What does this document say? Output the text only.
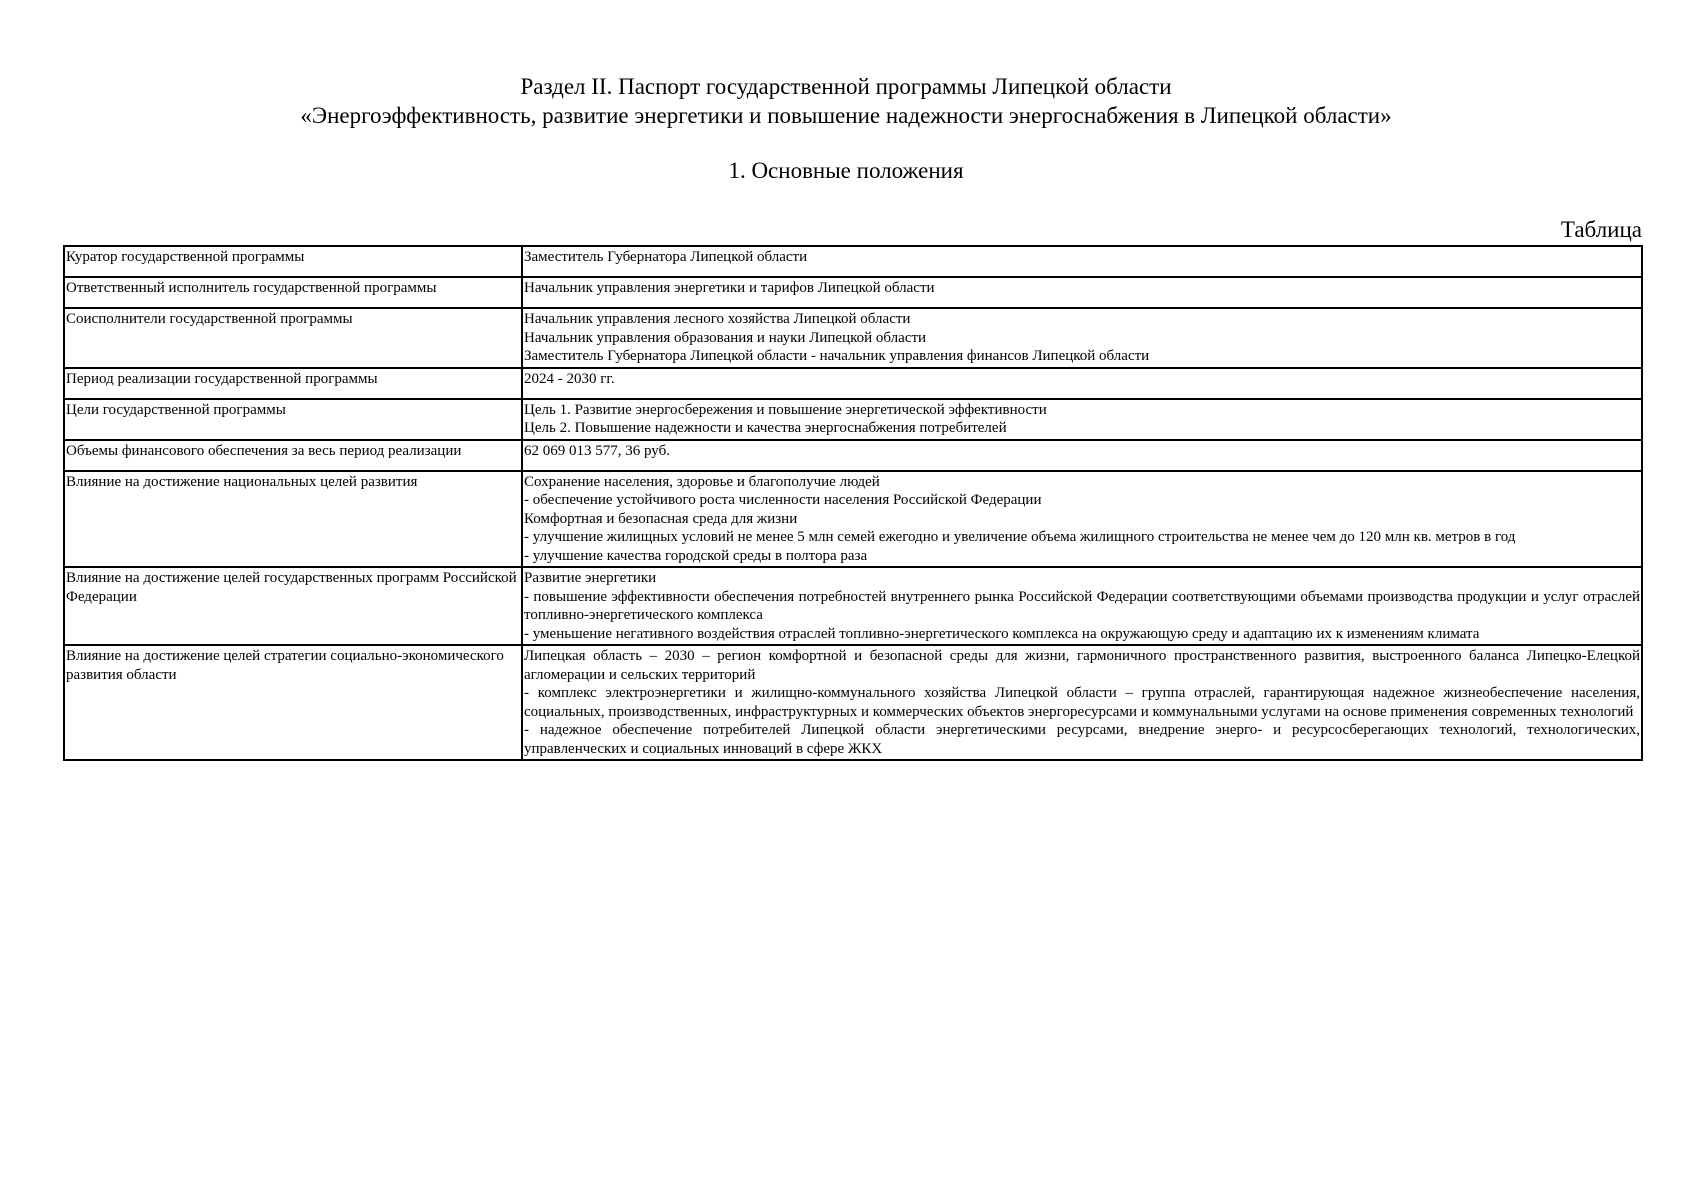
Раздел II. Паспорт государственной программы Липецкой области
«Энергоэффективность, развитие энергетики и повышение надежности энергоснабжения в Липецкой области»
1. Основные положения
Таблица
Куратор государственной программы	Заместитель Губернатора Липецкой области

Ответственный исполнитель государственной программы	Начальник управления энергетики и тарифов Липецкой области

Соисполнители государственной программы	Начальник управления лесного хозяйства Липецкой области
Начальник управления образования и науки Липецкой области
Заместитель Губернатора Липецкой области - начальник управления финансов Липецкой области

Период реализации государственной программы	2024 - 2030 гг.

Цели государственной программы	Цель 1. Развитие энергосбережения и повышение энергетической эффективности
Цель 2. Повышение надежности и качества энергоснабжения потребителей

Объемы финансового обеспечения за весь период реализации	62 069 013 577, 36 руб.

Влияние на достижение национальных целей развития	Сохранение населения, здоровье и благополучие людей
- обеспечение устойчивого роста численности населения Российской Федерации
Комфортная и безопасная среда для жизни
- улучшение жилищных условий не менее 5 млн семей ежегодно и увеличение объема жилищного строительства не менее чем до 120 млн кв. метров в год
- улучшение качества городской среды в полтора раза

Влияние на достижение целей государственных программ Российской Федерации	Развитие энергетики
- повышение эффективности обеспечения потребностей внутреннего рынка Российской Федерации соответствующими объемами производства продукции и услуг отраслей топливно-энергетического комплекса
- уменьшение негативного воздействия отраслей топливно-энергетического комплекса на окружающую среду и адаптацию их к изменениям климата

Влияние на достижение целей стратегии социально-экономического развития области	Липецкая область – 2030 – регион комфортной и безопасной среды для жизни, гармоничного пространственного развития, выстроенного баланса Липецко-Елецкой агломерации и сельских территорий
- комплекс электроэнергетики и жилищно-коммунального хозяйства Липецкой области – группа отраслей, гарантирующая надежное жизнеобеспечение населения, социальных, производственных, инфраструктурных и коммерческих объектов энергоресурсами и коммунальными услугами на основе применения современных технологий
- надежное обеспечение потребителей Липецкой области энергетическими ресурсами, внедрение энерго- и ресурсосберегающих технологий, технологических, управленческих и социальных инноваций в сфере ЖКХ
